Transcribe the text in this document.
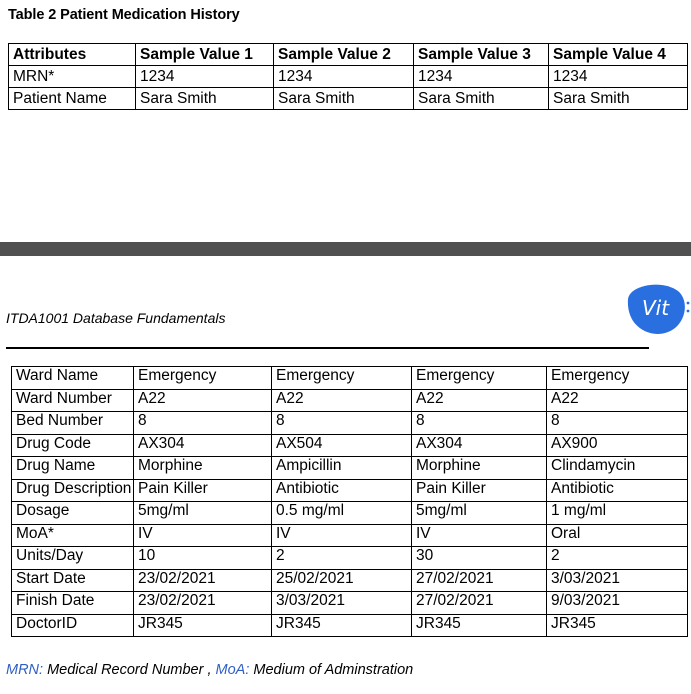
Table 2 Patient Medication History
Attributes	Sample Value 1	Sample Value 2	Sample Value 3	Sample Value 4
MRN*	1234	1234	1234	1234
Patient Name	Sara Smith	Sara Smith	Sara Smith	Sara Smith
ITDA1001 Database Fundamentals	Vit
Ward Name	Emergency	Emergency	Emergency	Emergency
Ward Number	A22	A22	A22	A22
Bed Number	8	8	8	8
Drug Code	AX304	AX504	AX304	AX900
Drug Name	Morphine	Ampicillin	Morphine	Clindamycin
Drug Description	Pain Killer	Antibiotic	Pain Killer	Antibiotic
Dosage	5mg/ml	0.5 mg/ml	5mg/ml	1 mg/ml
MoA*	IV	IV	IV	Oral
Units/Day	10	2	30	2
Start Date	23/02/2021	25/02/2021	27/02/2021	3/03/2021
Finish Date	23/02/2021	3/03/2021	27/02/2021	9/03/2021
DoctorID	JR345	JR345	JR345	JR345
MRN: Medical Record Number , MoA: Medium of Adminstration
